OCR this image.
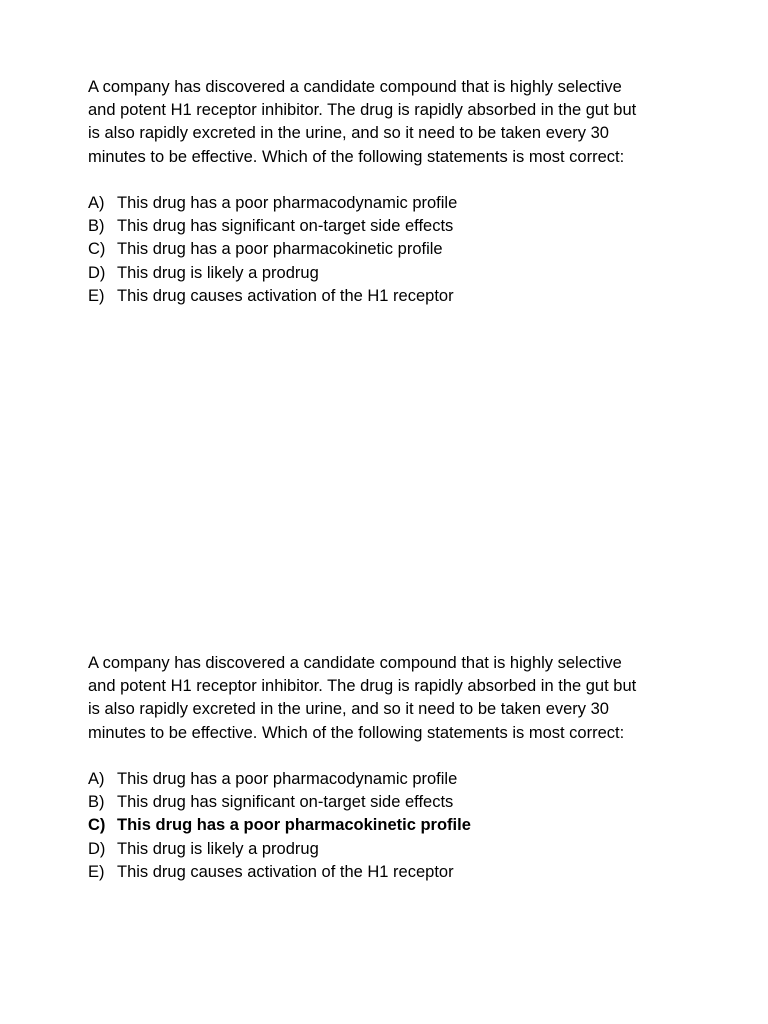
A company has discovered a candidate compound that is highly selective
and potent H1 receptor inhibitor. The drug is rapidly absorbed in the gut but
is also rapidly excreted in the urine, and so it need to be taken every 30
minutes to be effective. Which of the following statements is most correct:

A) This drug has a poor pharmacodynamic profile
B) This drug has significant on-target side effects
C) This drug has a poor pharmacokinetic profile
D) This drug is likely a prodrug
E) This drug causes activation of the H1 receptor

A company has discovered a candidate compound that is highly selective
and potent H1 receptor inhibitor. The drug is rapidly absorbed in the gut but
is also rapidly excreted in the urine, and so it need to be taken every 30
minutes to be effective. Which of the following statements is most correct:

A) This drug has a poor pharmacodynamic profile
B) This drug has significant on-target side effects
C) This drug has a poor pharmacokinetic profile
D) This drug is likely a prodrug
E) This drug causes activation of the H1 receptor
